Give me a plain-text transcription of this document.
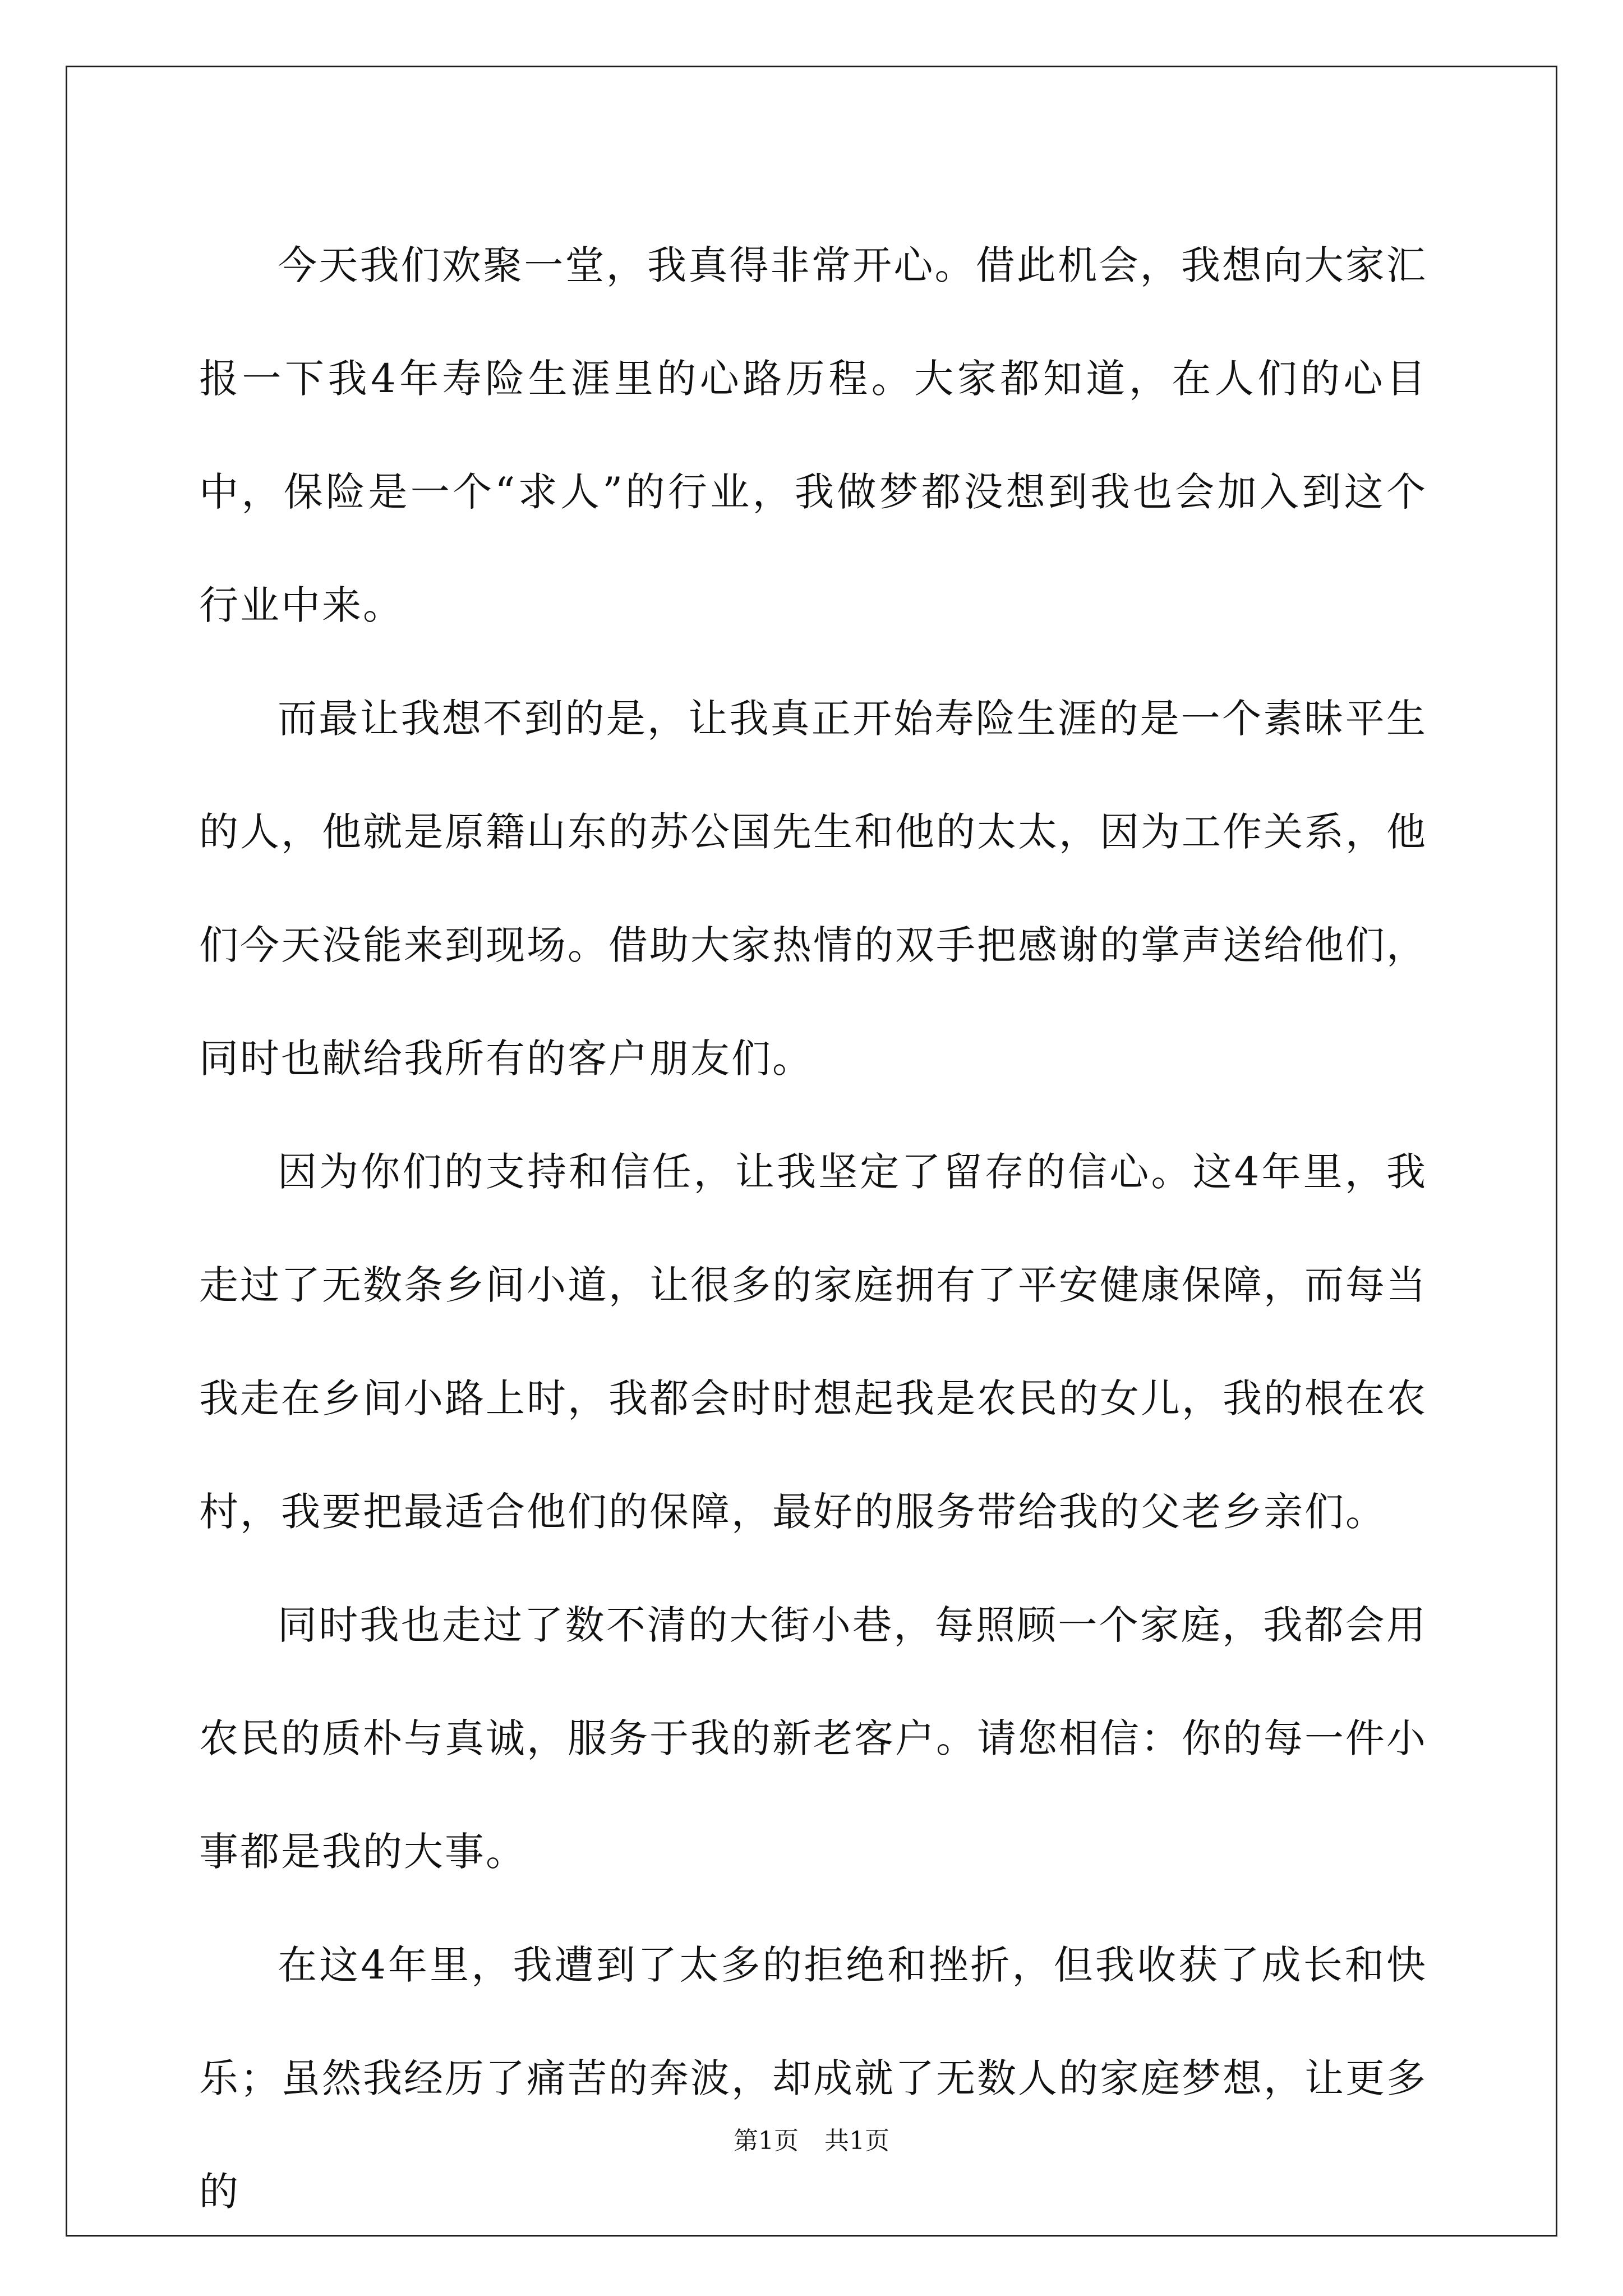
今天我们欢聚一堂，我真得非常开心。借此机会，我想向大家汇报一下我4年寿险生涯里的心路历程。大家都知道，在人们的心目中，保险是一个“求人”的行业，我做梦都没想到我也会加入到这个行业中来。

而最让我想不到的是，让我真正开始寿险生涯的是一个素昧平生的人，他就是原籍山东的苏公国先生和他的太太，因为工作关系，他们今天没能来到现场。借助大家热情的双手把感谢的掌声送给他们，同时也献给我所有的客户朋友们。

因为你们的支持和信任，让我坚定了留存的信心。这4年里，我走过了无数条乡间小道，让很多的家庭拥有了平安健康保障，而每当我走在乡间小路上时，我都会时时想起我是农民的女儿，我的根在农村，我要把最适合他们的保障，最好的服务带给我的父老乡亲们。

同时我也走过了数不清的大街小巷，每照顾一个家庭，我都会用农民的质朴与真诚，服务于我的新老客户。请您相信：你的每一件小事都是我的大事。

在这4年里，我遭到了太多的拒绝和挫折，但我收获了成长和快乐；虽然我经历了痛苦的奔波，却成就了无数人的家庭梦想，让更多的

第1页 共1页
